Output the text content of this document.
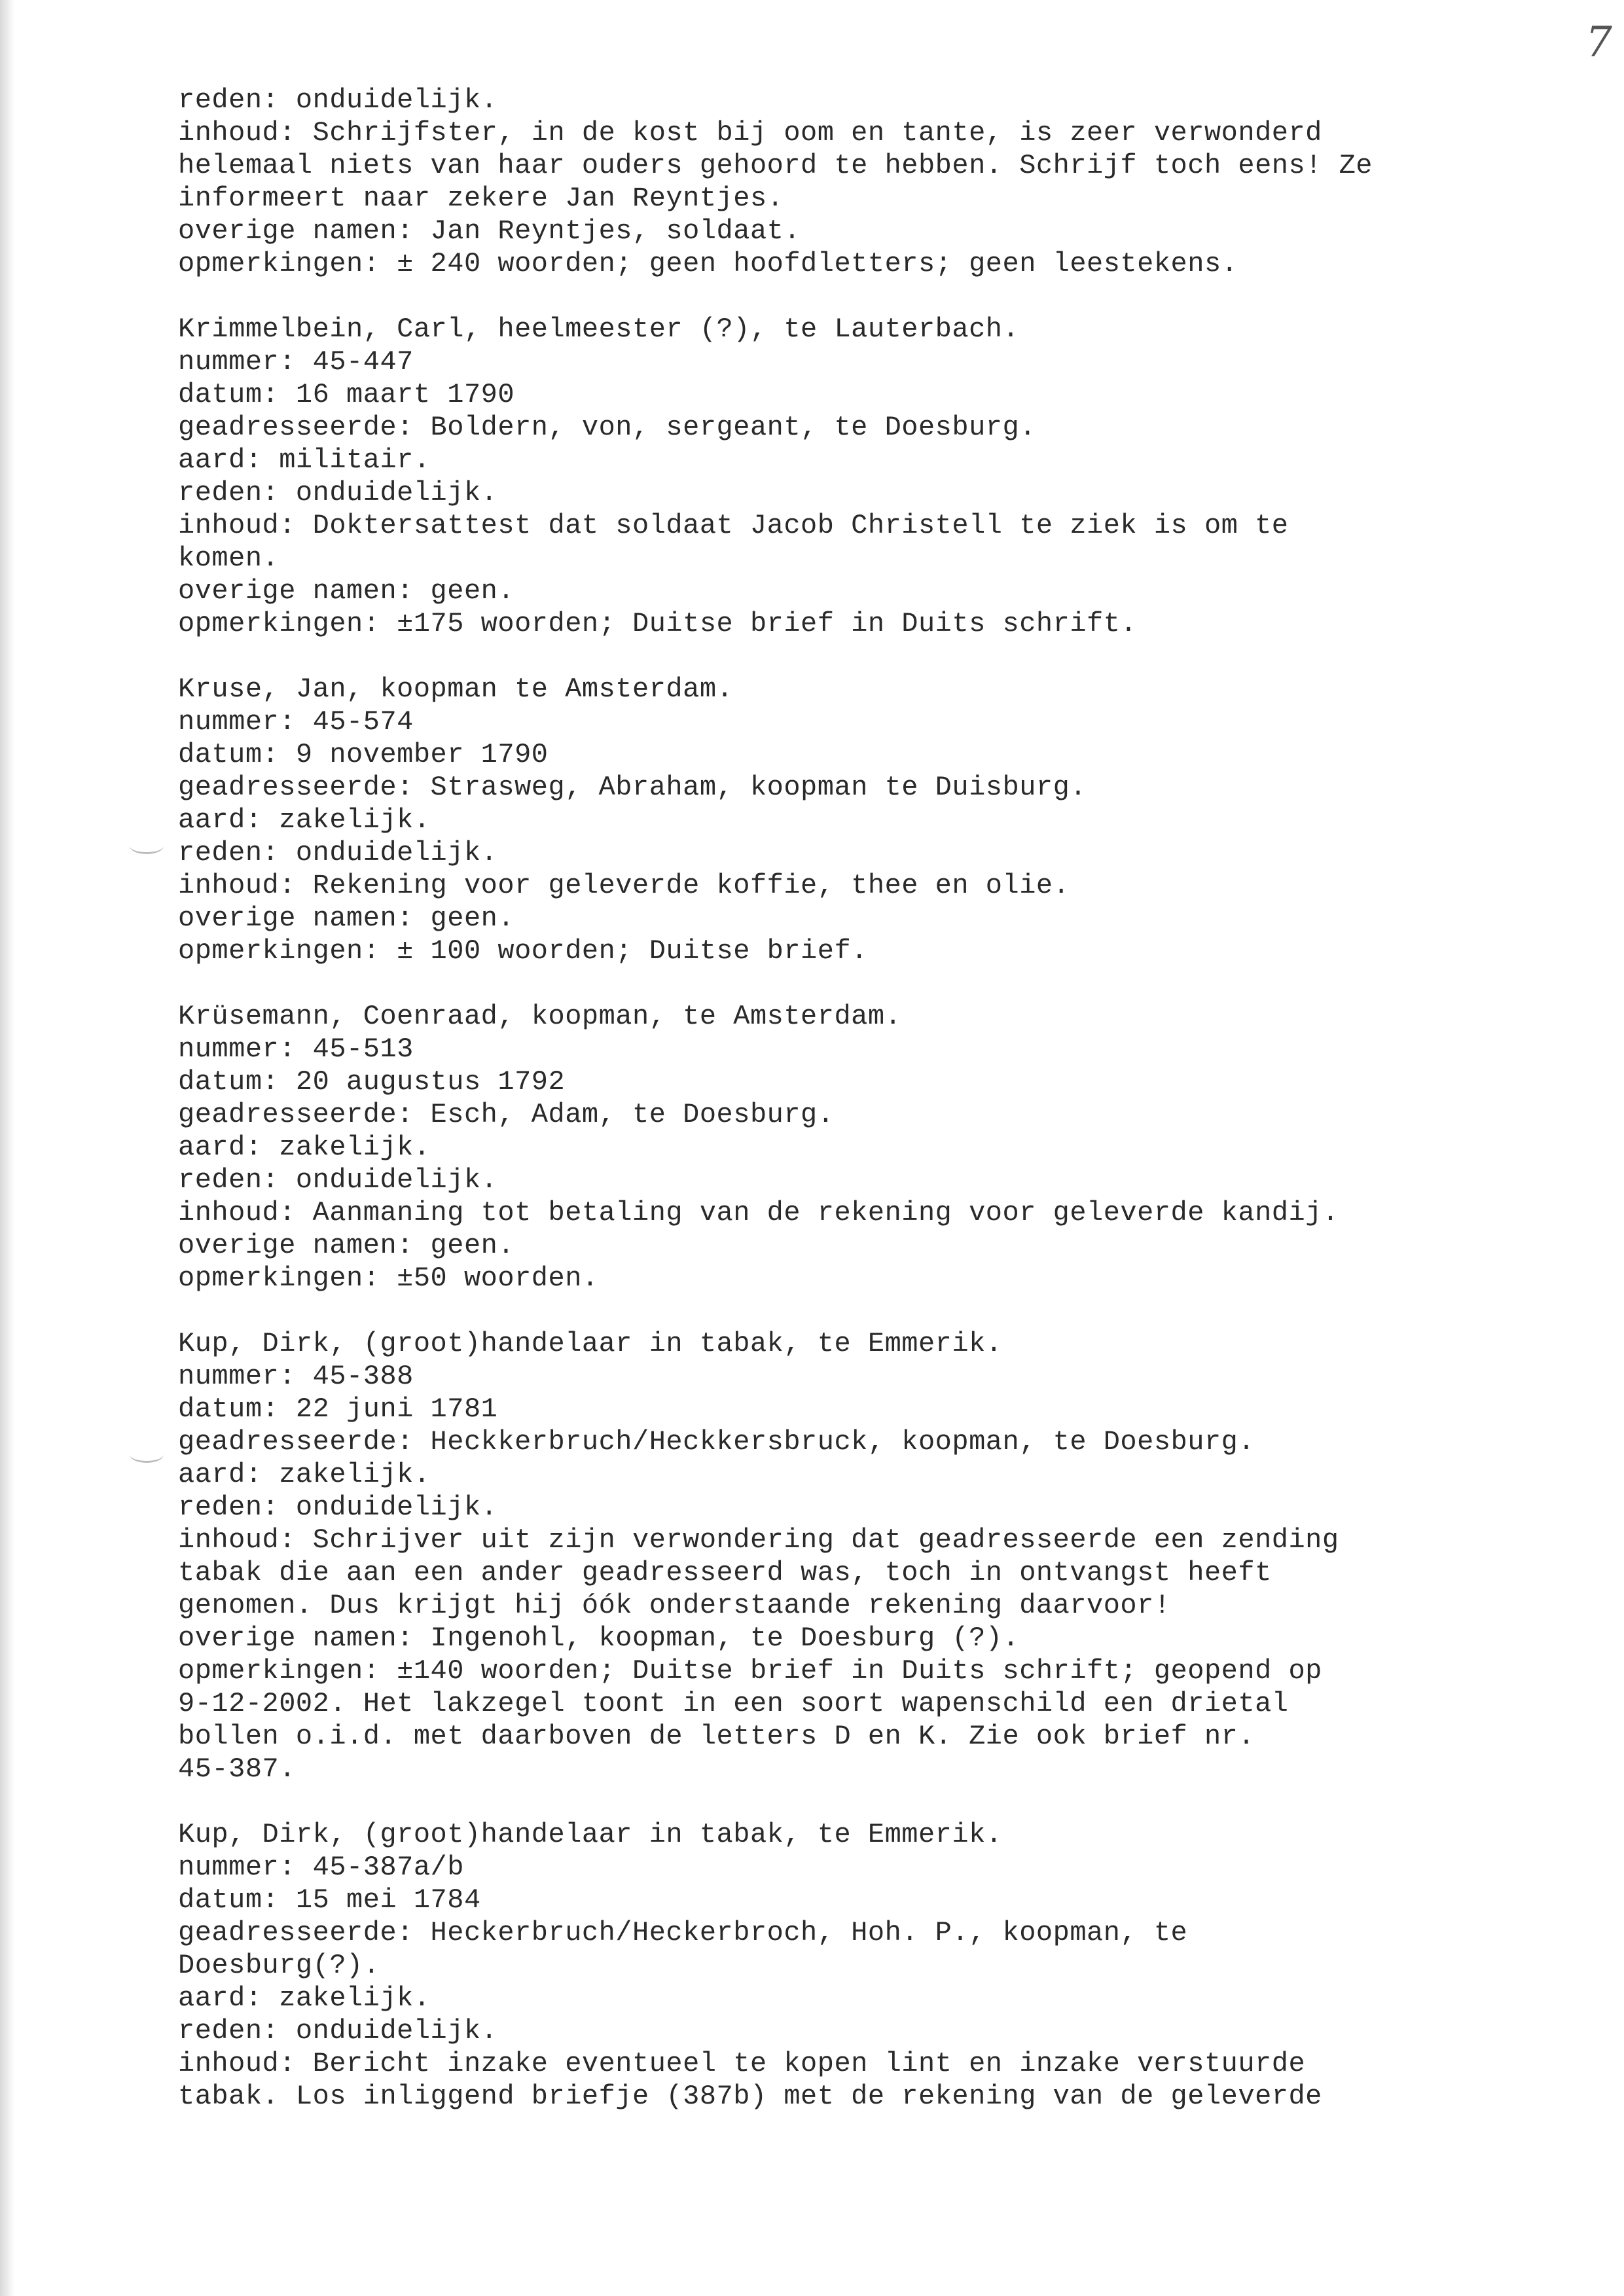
7
reden: onduidelijk.
inhoud: Schrijfster, in de kost bij oom en tante, is zeer verwonderd
helemaal niets van haar ouders gehoord te hebben. Schrijf toch eens! Ze
informeert naar zekere Jan Reyntjes.
overige namen: Jan Reyntjes, soldaat.
opmerkingen: ± 240 woorden; geen hoofdletters; geen leestekens.
Krimmelbein, Carl, heelmeester (?), te Lauterbach.
nummer: 45-447
datum: 16 maart 1790
geadresseerde: Boldern, von, sergeant, te Doesburg.
aard: militair.
reden: onduidelijk.
inhoud: Doktersattest dat soldaat Jacob Christell te ziek is om te
komen.
overige namen: geen.
opmerkingen: ±175 woorden; Duitse brief in Duits schrift.
Kruse, Jan, koopman te Amsterdam.
nummer: 45-574
datum: 9 november 1790
geadresseerde: Strasweg, Abraham, koopman te Duisburg.
aard: zakelijk.
reden: onduidelijk.
inhoud: Rekening voor geleverde koffie, thee en olie.
overige namen: geen.
opmerkingen: ± 100 woorden; Duitse brief.
Krüsemann, Coenraad, koopman, te Amsterdam.
nummer: 45-513
datum: 20 augustus 1792
geadresseerde: Esch, Adam, te Doesburg.
aard: zakelijk.
reden: onduidelijk.
inhoud: Aanmaning tot betaling van de rekening voor geleverde kandij.
overige namen: geen.
opmerkingen: ±50 woorden.
Kup, Dirk, (groot)handelaar in tabak, te Emmerik.
nummer: 45-388
datum: 22 juni 1781
geadresseerde: Heckkerbruch/Heckkersbruck, koopman, te Doesburg.
aard: zakelijk.
reden: onduidelijk.
inhoud: Schrijver uit zijn verwondering dat geadresseerde een zending
tabak die aan een ander geadresseerd was, toch in ontvangst heeft
genomen. Dus krijgt hij óók onderstaande rekening daarvoor!
overige namen: Ingenohl, koopman, te Doesburg (?).
opmerkingen: ±140 woorden; Duitse brief in Duits schrift; geopend op
9-12-2002. Het lakzegel toont in een soort wapenschild een drietal
bollen o.i.d. met daarboven de letters D en K. Zie ook brief nr.
45-387.
Kup, Dirk, (groot)handelaar in tabak, te Emmerik.
nummer: 45-387a/b
datum: 15 mei 1784
geadresseerde: Heckerbruch/Heckerbroch, Hoh. P., koopman, te
Doesburg(?).
aard: zakelijk.
reden: onduidelijk.
inhoud: Bericht inzake eventueel te kopen lint en inzake verstuurde
tabak. Los inliggend briefje (387b) met de rekening van de geleverde
